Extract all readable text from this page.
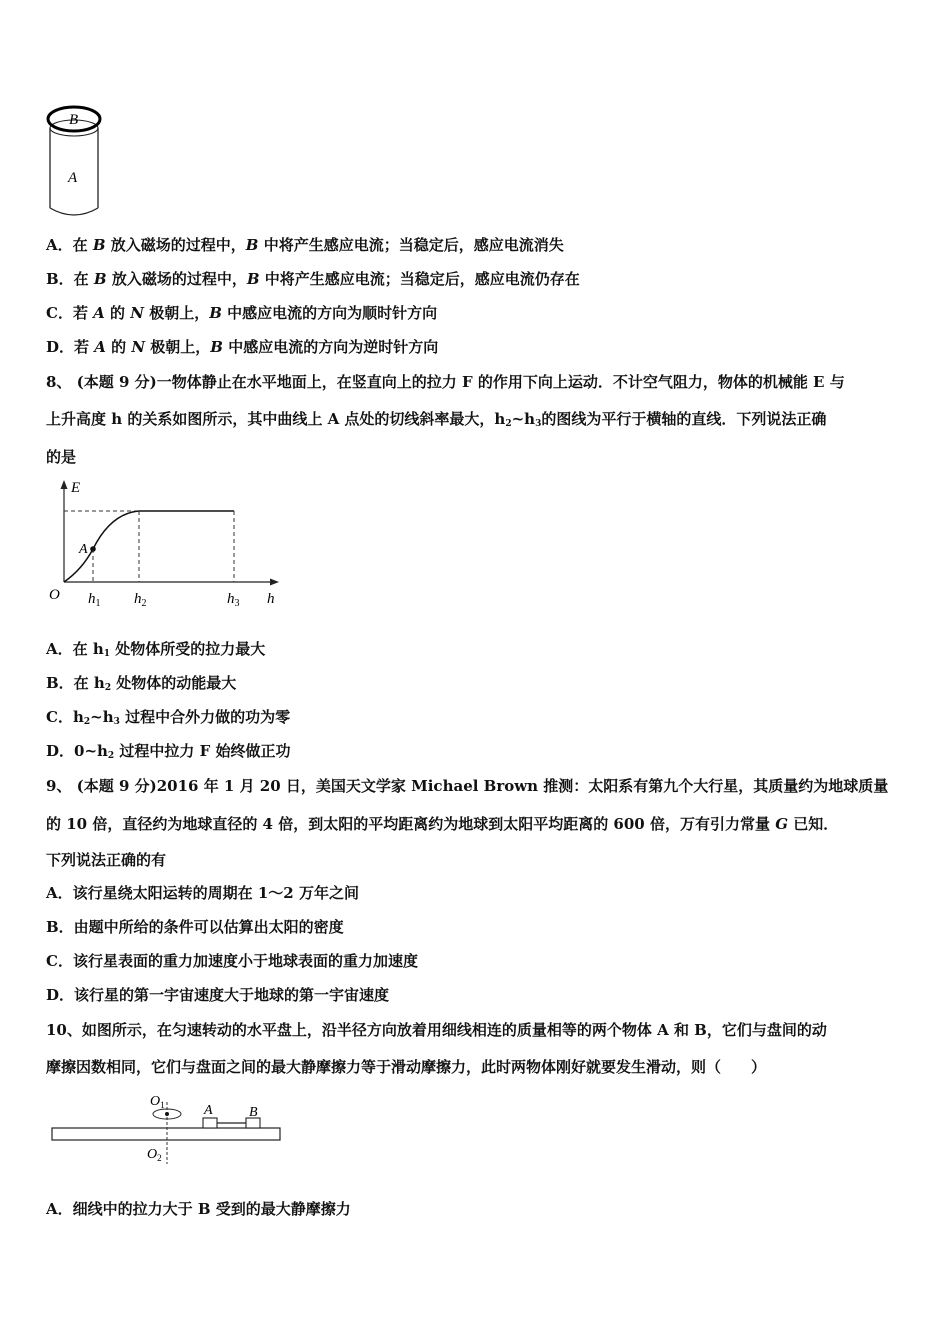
B
A
A．在 B 放入磁场的过程中，B 中将产生感应电流；当稳定后，感应电流消失
B．在 B 放入磁场的过程中，B 中将产生感应电流；当稳定后，感应电流仍存在
C．若 A 的 N 极朝上，B 中感应电流的方向为顺时针方向
D．若 A 的 N 极朝上，B 中感应电流的方向为逆时针方向
8、 (本题 9 分)一物体静止在水平地面上，在竖直向上的拉力 F 的作用下向上运动．不计空气阻力，物体的机械能 E 与
上升高度 h 的关系如图所示，其中曲线上 A 点处的切线斜率最大，$h_2\sim h_3$的图线为平行于横轴的直线．下列说法正确
的是
E
h
O
A
$h_1$ $h_2$	$h_3$
A．在 $h_1$ 处物体所受的拉力最大
B．在 $h_2$ 处物体的动能最大
C．$h_2\sim h_3$ 过程中合外力做的功为零
D．$0\sim h_2$ 过程中拉力 F 始终做正功
9、 (本题 9 分)2016 年 1 月 20 日，美国天文学家 Michael Brown 推测：太阳系有第九个大行星，其质量约为地球质量
的 10 倍，直径约为地球直径的 4 倍，到太阳的平均距离约为地球到太阳平均距离的 600 倍，万有引力常量 G 已知．
下列说法正确的有
A．该行星绕太阳运转的周期在 1～2 万年之间
B．由题中所给的条件可以估算出太阳的密度
C．该行星表面的重力加速度小于地球表面的重力加速度
D．该行星的第一宇宙速度大于地球的第一宇宙速度
10、如图所示，在匀速转动的水平盘上，沿半径方向放着用细线相连的质量相等的两个物体 A 和 B，它们与盘间的动
摩擦因数相同，它们与盘面之间的最大静摩擦力等于滑动摩擦力，此时两物体刚好就要发生滑动，则（　　）
$O_1$
$O_2$
A	B
A．细线中的拉力大于 B 受到的最大静摩擦力
